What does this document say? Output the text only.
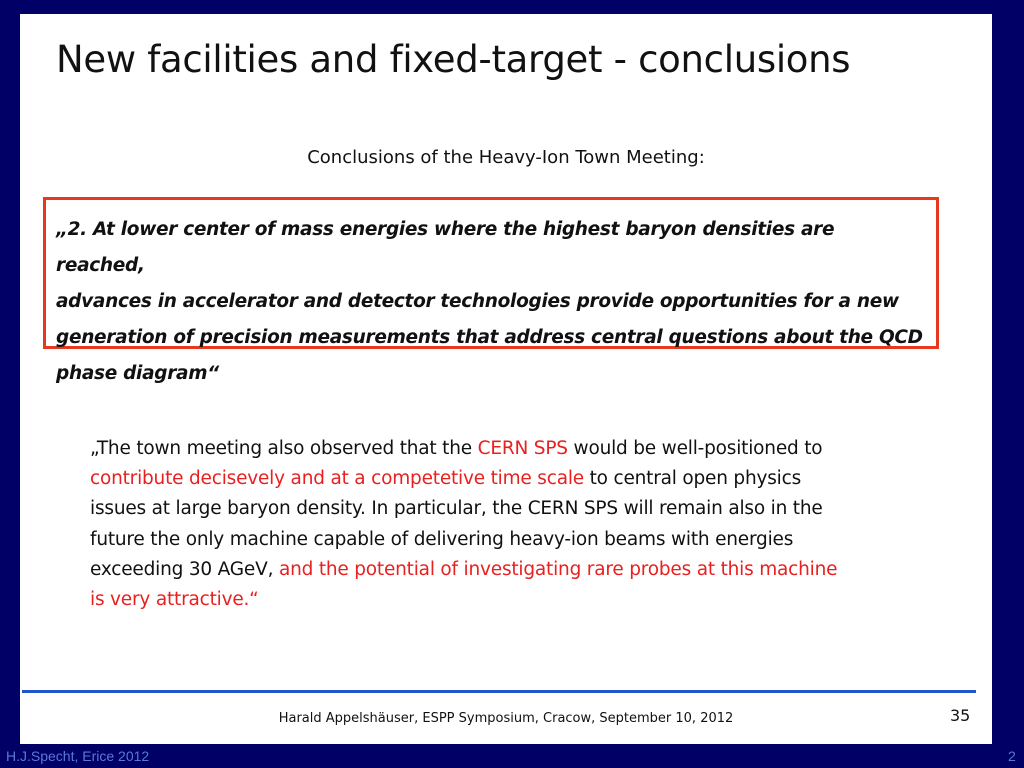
New facilities and fixed-target - conclusions
Conclusions of the Heavy-Ion Town Meeting:

„2. At lower center of mass energies where the highest baryon densities are reached,

advances in accelerator and detector technologies provide opportunities for a new

generation of precision measurements that address central questions about the QCD

phase diagram“

„The town meeting also observed that the CERN SPS would be well-positioned to
contribute decisevely and at a competetive time scale to central open physics
issues at large baryon density. In particular, the CERN SPS will remain also in the
future the only machine capable of delivering heavy-ion beams with energies
exceeding 30 AGeV, and the potential of investigating rare probes at this machine
is very attractive.“
Harald Appelshäuser, ESPP Symposium, Cracow, September 10, 2012	35
H.J.Specht, Erice 2012	2
